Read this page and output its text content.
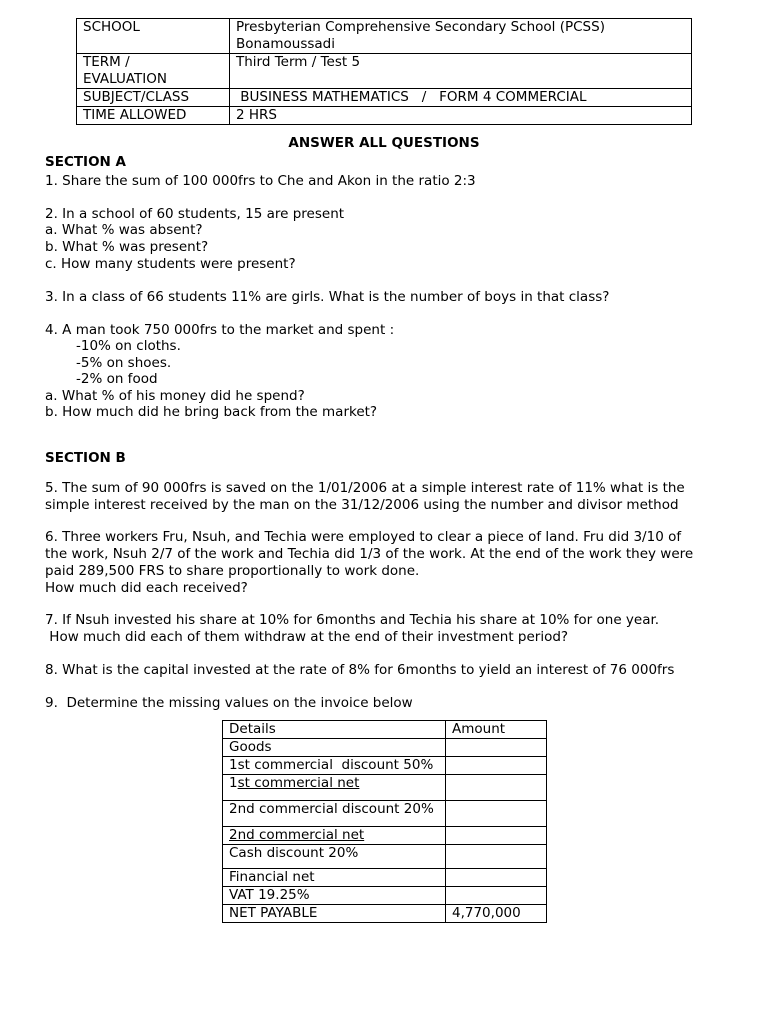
SCHOOL	Presbyterian Comprehensive Secondary School (PCSS)
Bonamoussadi

TERM /
EVALUATION	Third Term / Test 5
SUBJECT/CLASS	BUSINESS MATHEMATICS   /   FORM 4 COMMERCIAL
TIME ALLOWED	2 HRS
ANSWER ALL QUESTIONS
SECTION A
1. Share the sum of 100 000frs to Che and Akon in the ratio 2:3
2. In a school of 60 students, 15 are present
a. What % was absent?
b. What % was present?
c. How many students were present?
3. In a class of 66 students 11% are girls. What is the number of boys in that class?
4. A man took 750 000frs to the market and spent :
-10% on cloths.
-5% on shoes.
-2% on food
a. What % of his money did he spend?
b. How much did he bring back from the market?
SECTION B
5. The sum of 90 000frs is saved on the 1/01/2006 at a simple interest rate of 11% what is the
simple interest received by the man on the 31/12/2006 using the number and divisor method
6. Three workers Fru, Nsuh, and Techia were employed to clear a piece of land. Fru did 3/10 of
the work, Nsuh 2/7 of the work and Techia did 1/3 of the work. At the end of the work they were
paid 289,500 FRS to share proportionally to work done.
How much did each received?
7. If Nsuh invested his share at 10% for 6months and Techia his share at 10% for one year.
How much did each of them withdraw at the end of their investment period?
8. What is the capital invested at the rate of 8% for 6months to yield an interest of 76 000frs
9.  Determine the missing values on the invoice below
Details	Amount
Goods	
1st commercial  discount 50%	
1st commercial net	
2nd commercial discount 20%	
2nd commercial net	
Cash discount 20%	
Financial net	
VAT 19.25%	
NET PAYABLE	4,770,000
